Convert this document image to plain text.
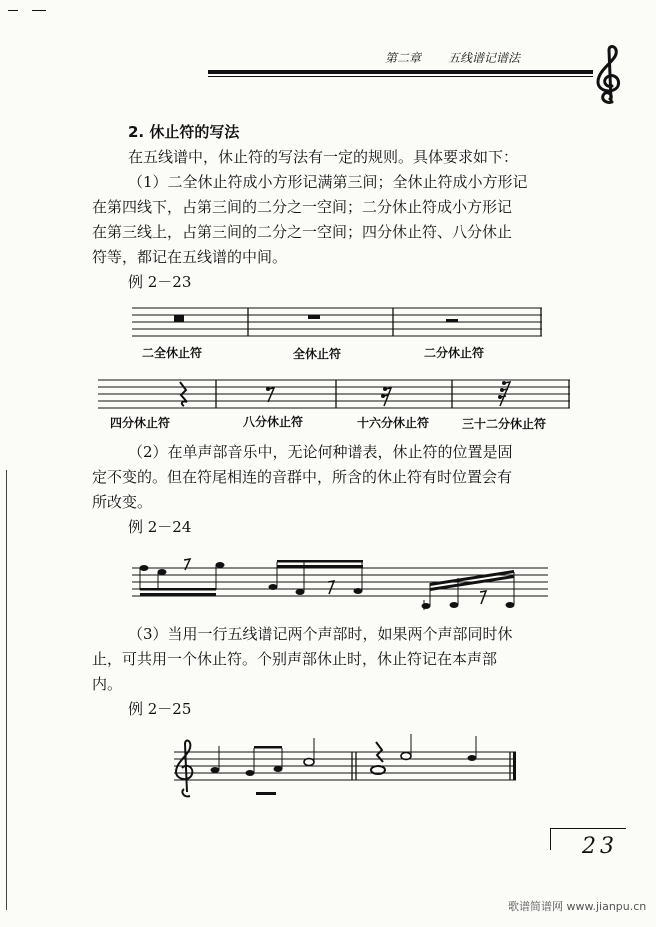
第二章 五线谱记谱法
2. 休止符的写法
在五线谱中，休止符的写法有一定的规则。具体要求如下：
（1）二全休止符成小方形记满第三间；全休止符成小方形记
在第四线下，占第三间的二分之一空间；二分休止符成小方形记
在第三线上，占第三间的二分之一空间；四分休止符、八分休止
符等，都记在五线谱的中间。
例 2－23
二全休止符	全休止符	二分休止符
四分休止符	八分休止符	十六分休止符	三十二分休止符
（2）在单声部音乐中，无论何种谱表，休止符的位置是固
定不变的。但在符尾相连的音群中，所含的休止符有时位置会有
所改变。
例 2－24
（3）当用一行五线谱记两个声部时，如果两个声部同时休
止，可共用一个休止符。个别声部休止时，休止符记在本声部
内。
例 2－25
23
歌谱简谱网 www.jianpu.cn
